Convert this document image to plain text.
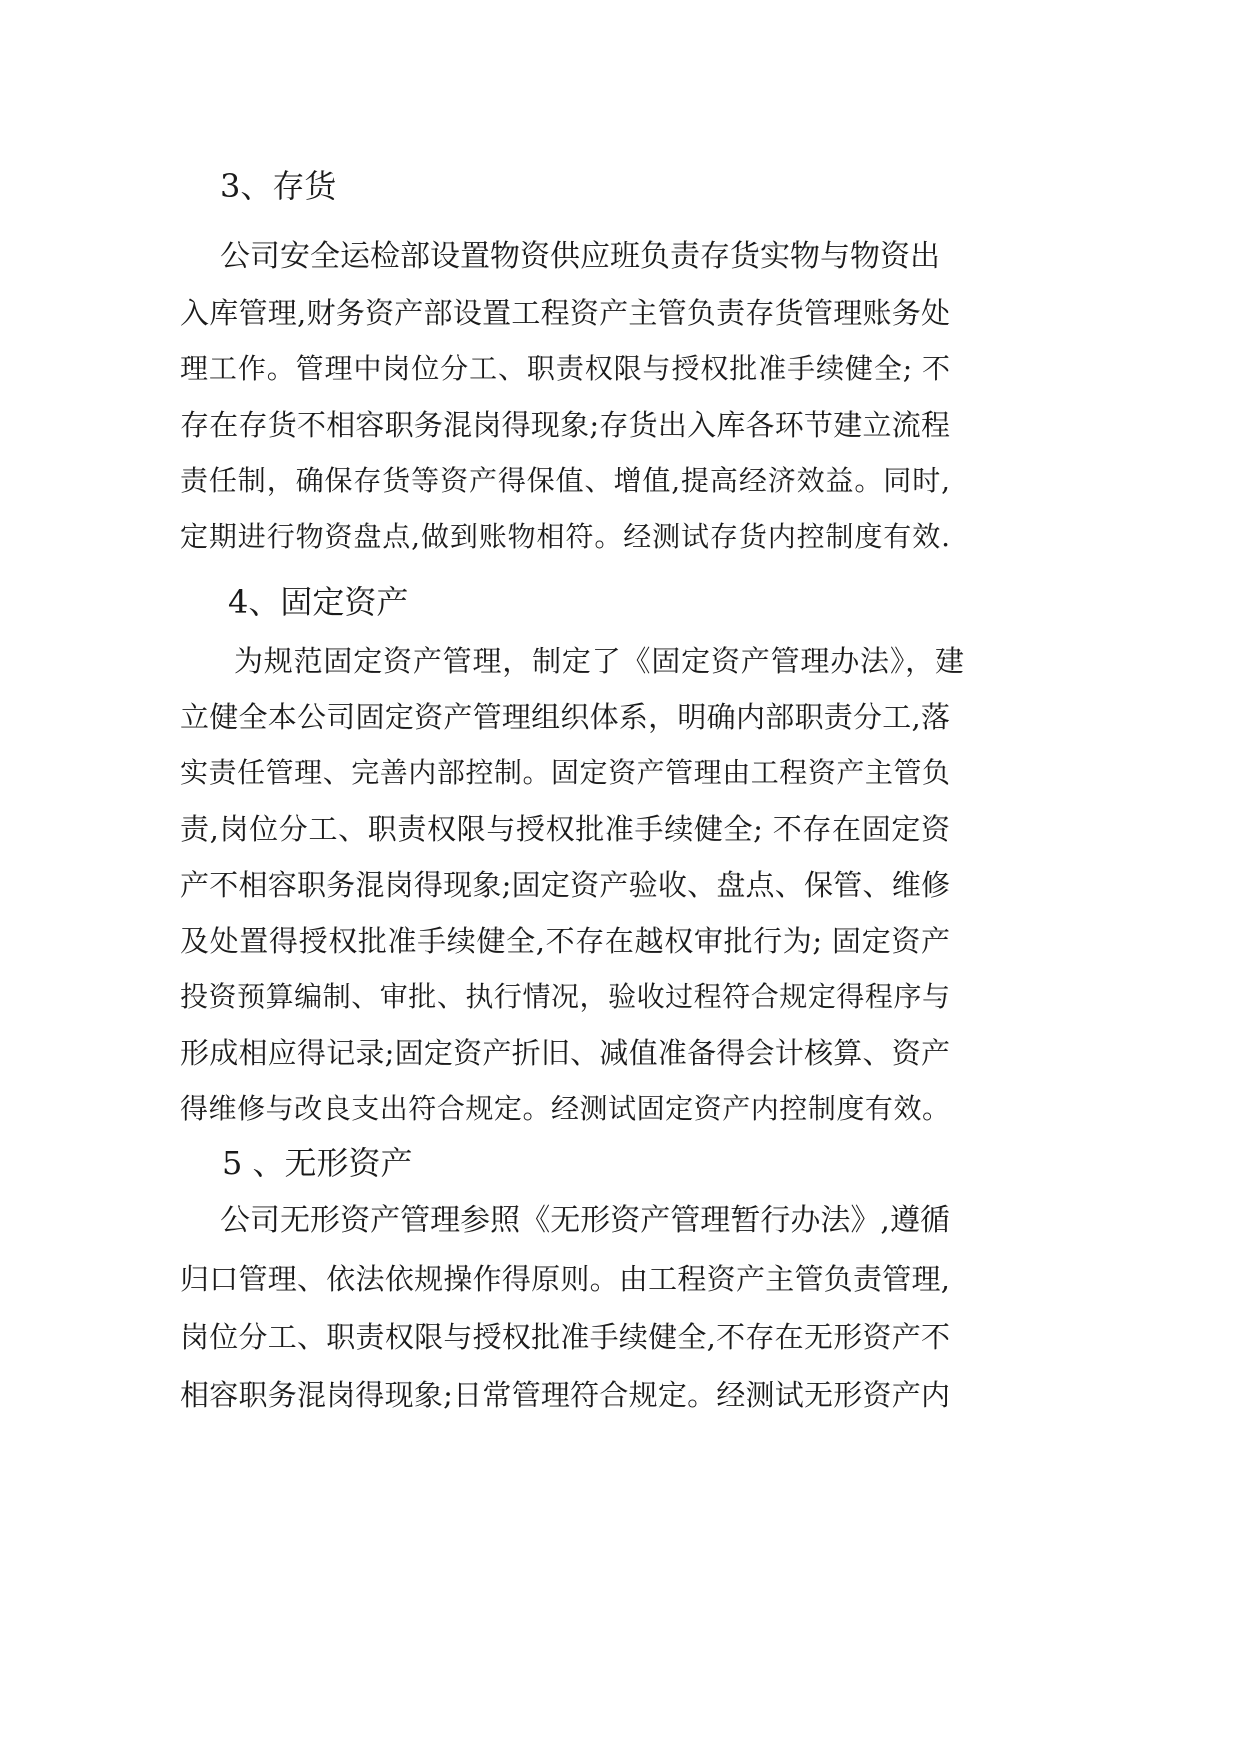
3、存货
公司安全运检部设置物资供应班负责存货实物与物资出
入库管理,财务资产部设置工程资产主管负责存货管理账务处
理工作。管理中岗位分工、职责权限与授权批准手续健全; 不
存在存货不相容职务混岗得现象;存货出入库各环节建立流程
责任制，确保存货等资产得保值、增值,提高经济效益。同时,
定期进行物资盘点,做到账物相符。经测试存货内控制度有效.
4、固定资产
为规范固定资产管理，制定了《固定资产管理办法》，建
立健全本公司固定资产管理组织体系，明确内部职责分工,落
实责任管理、完善内部控制。固定资产管理由工程资产主管负
责,岗位分工、职责权限与授权批准手续健全; 不存在固定资
产不相容职务混岗得现象;固定资产验收、盘点、保管、维修
及处置得授权批准手续健全,不存在越权审批行为; 固定资产
投资预算编制、审批、执行情况，验收过程符合规定得程序与
形成相应得记录;固定资产折旧、减值准备得会计核算、资产
得维修与改良支出符合规定。经测试固定资产内控制度有效。
5 、无形资产
公司无形资产管理参照《无形资产管理暂行办法》,遵循
归口管理、依法依规操作得原则。由工程资产主管负责管理,
岗位分工、职责权限与授权批准手续健全,不存在无形资产不
相容职务混岗得现象;日常管理符合规定。经测试无形资产内
